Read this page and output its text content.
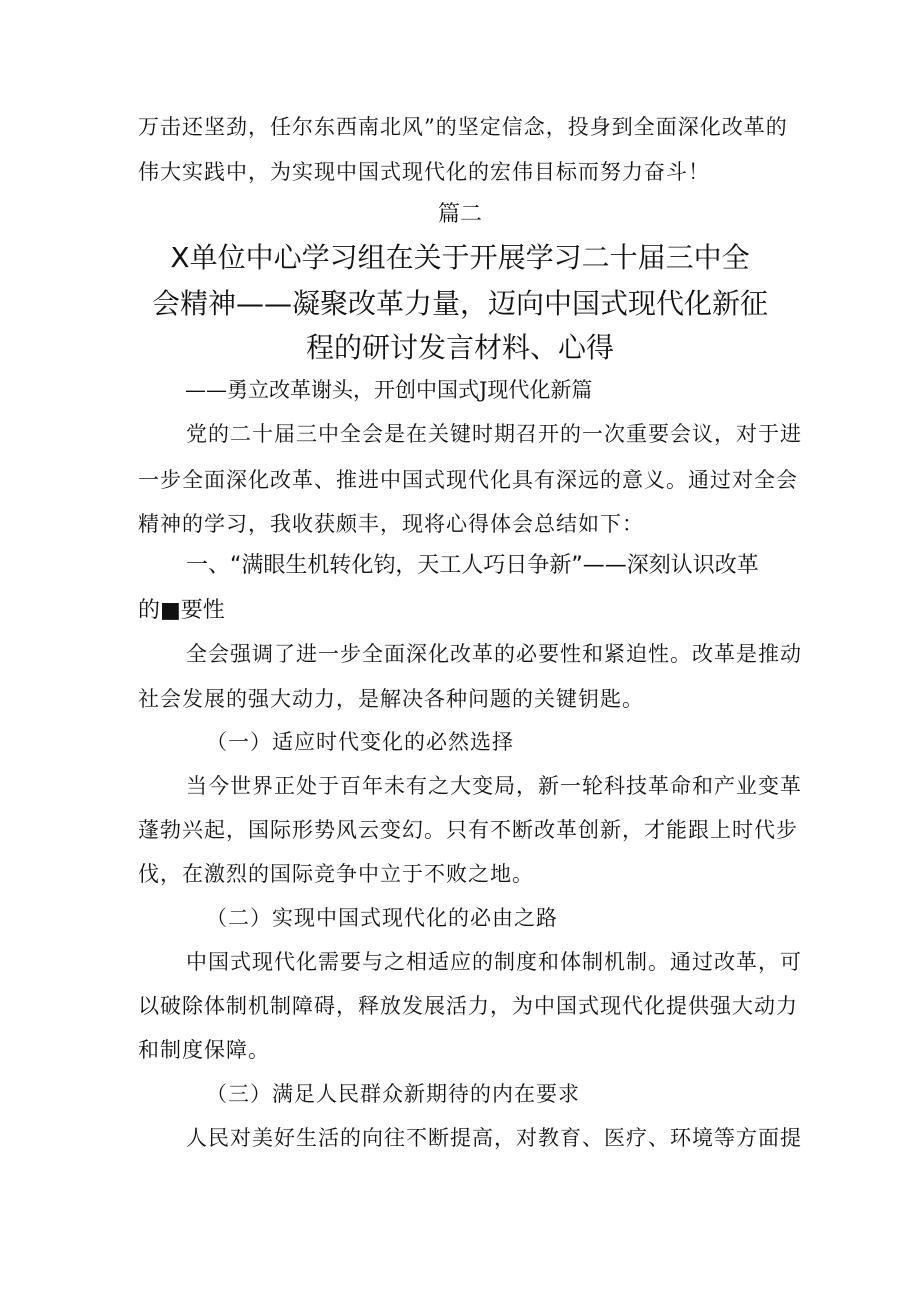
万击还坚劲，任尔东西南北风”的坚定信念，投身到全面深化改革的
伟大实践中，为实现中国式现代化的宏伟目标而努力奋斗！
篇二
X单位中心学习组在关于开展学习二十届三中全
会精神——凝聚改革力量，迈向中国式现代化新征
程的研讨发言材料、心得
——勇立改革谢头，开创中国式J现代化新篇
党的二十届三中全会是在关键时期召开的一次重要会议，对于进
一步全面深化改革、推进中国式现代化具有深远的意义。通过对全会
精神的学习，我收获颇丰，现将心得体会总结如下：
一、“满眼生机转化钧，天工人巧日争新”——深刻认识改革
的■要性
全会强调了进一步全面深化改革的必要性和紧迫性。改革是推动
社会发展的强大动力，是解决各种问题的关键钥匙。
（一）适应时代变化的必然选择
当今世界正处于百年未有之大变局，新一轮科技革命和产业变革
蓬勃兴起，国际形势风云变幻。只有不断改革创新，才能跟上时代步
伐，在激烈的国际竞争中立于不败之地。
（二）实现中国式现代化的必由之路
中国式现代化需要与之相适应的制度和体制机制。通过改革，可
以破除体制机制障碍，释放发展活力，为中国式现代化提供强大动力
和制度保障。
（三）满足人民群众新期待的内在要求
人民对美好生活的向往不断提高，对教育、医疗、环境等方面提
